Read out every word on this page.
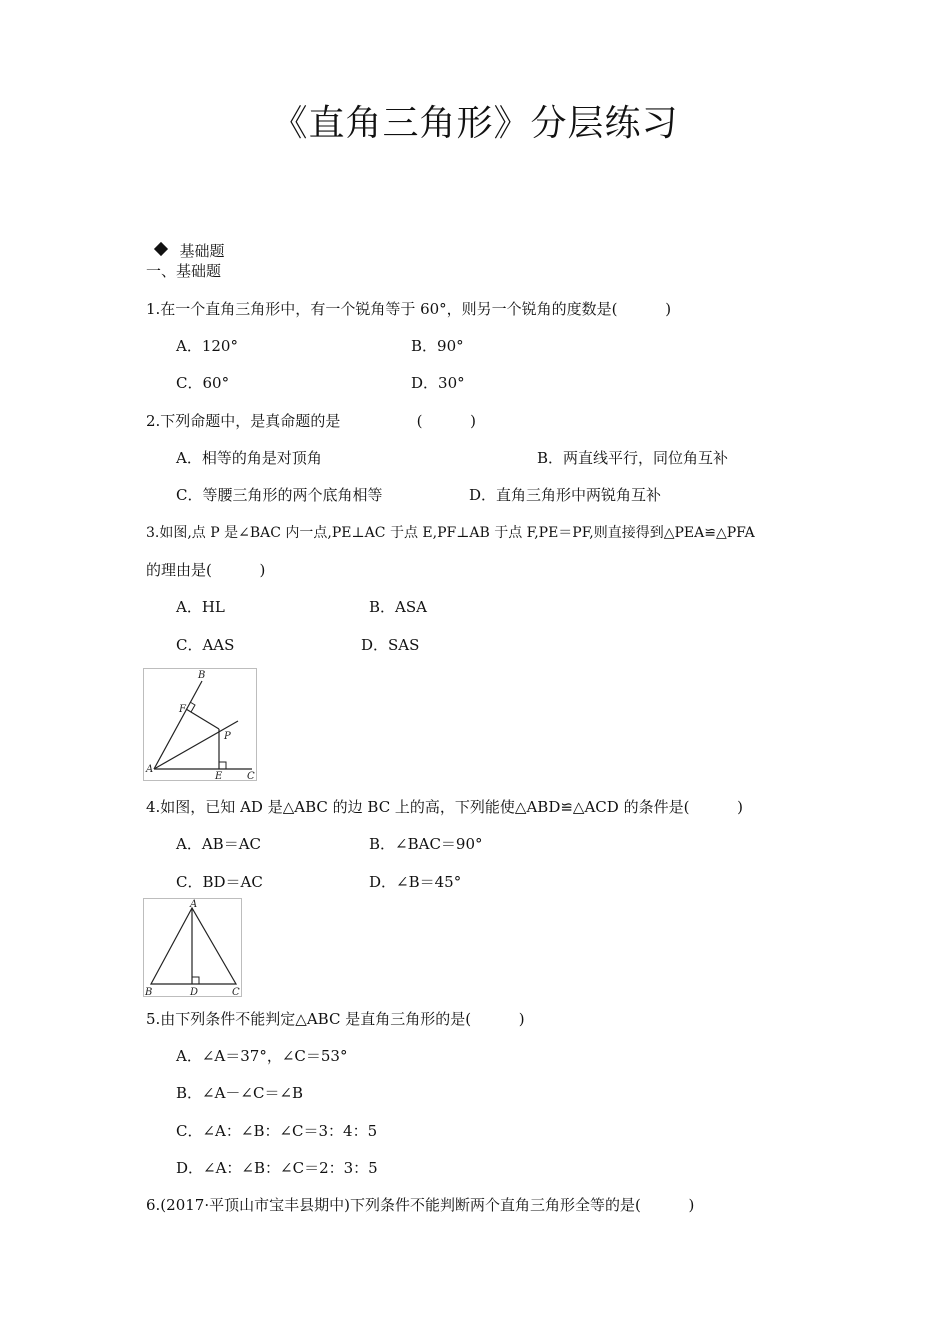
《直角三角形》分层练习

基础题

一、基础题
1.在一个直角三角形中，有一个锐角等于 60°，则另一个锐角的度数是(          )
A．120°	B．90°
C．60°	D．30°
2.下列命题中，是真命题的是                (          )
A．相等的角是对顶角	B．两直线平行，同位角互补
C．等腰三角形的两个底角相等	D．直角三角形中两锐角互补
3.如图,点 P 是∠BAC 内一点,PE⊥AC 于点 E,PF⊥AB 于点 F,PE＝PF,则直接得到△PEA≌△PFA
的理由是(          )
A．HL	B．ASA
C．AAS	D．SAS
B
F
P
A
E C
4.如图，已知 AD 是△ABC 的边 BC 上的高，下列能使△ABD≌△ACD 的条件是(          )
A．AB＝AC	B．∠BAC＝90°
C．BD＝AC	D．∠B＝45°
A
B	D	C
5.由下列条件不能判定△ABC 是直角三角形的是(          )
A．∠A＝37°，∠C＝53°
B．∠A－∠C＝∠B
C．∠A：∠B：∠C＝3：4：5
D．∠A：∠B：∠C＝2：3：5
6.(2017·平顶山市宝丰县期中)下列条件不能判断两个直角三角形全等的是(          )
